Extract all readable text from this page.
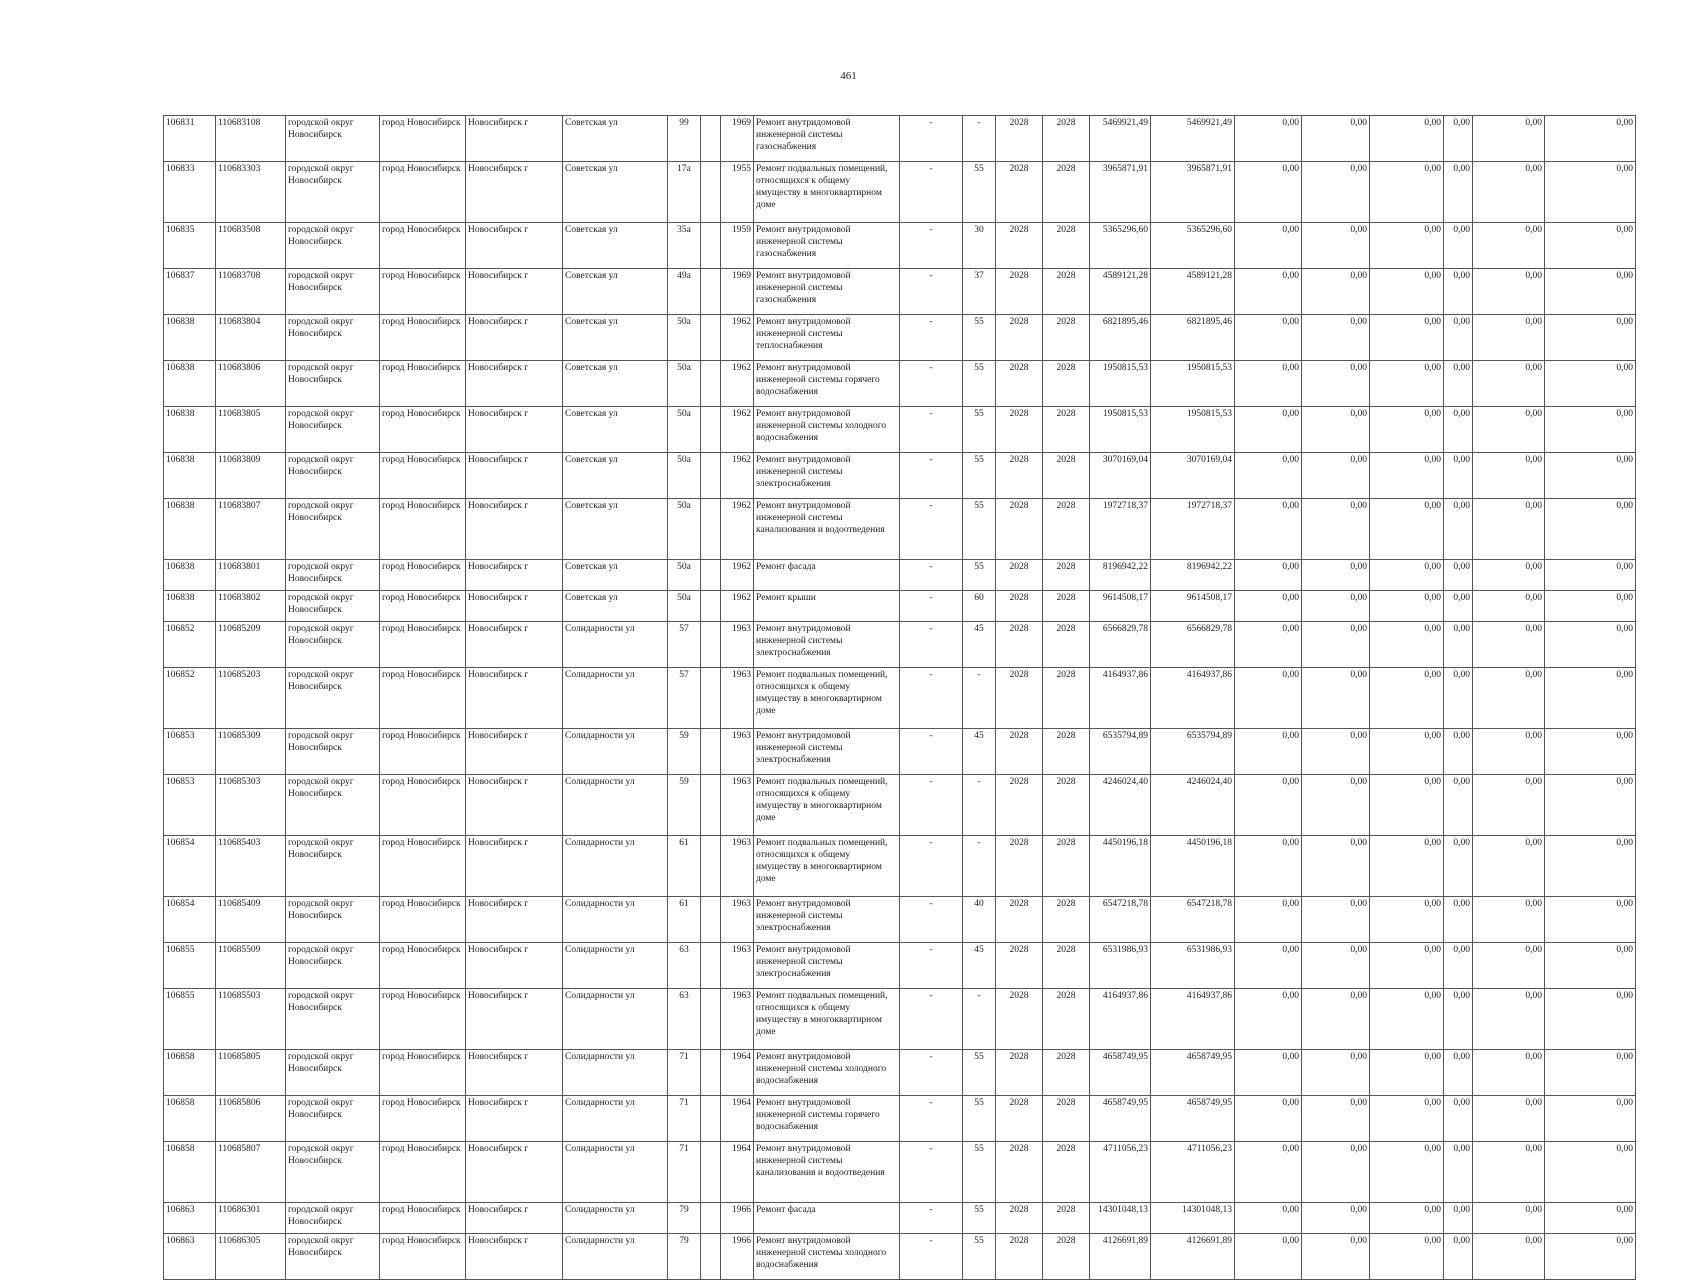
461
106831	110683108	городской округ Новосибирск	город Новосибирск	Новосибирск г	Советская ул	99		1969	Ремонт внутридомовой инженерной системы газоснабжения	-	-	2028	2028	5469921,49	5469921,49	0,00	0,00	0,00	0,00	0,00	0,00
106833	110683303	городской округ Новосибирск	город Новосибирск	Новосибирск г	Советская ул	17а		1955	Ремонт подвальных помещений, относящихся к общему имуществу в многоквартирном доме	-	55	2028	2028	3965871,91	3965871,91	0,00	0,00	0,00	0,00	0,00	0,00
106835	110683508	городской округ Новосибирск	город Новосибирск	Новосибирск г	Советская ул	35а		1959	Ремонт внутридомовой инженерной системы газоснабжения	-	30	2028	2028	5365296,60	5365296,60	0,00	0,00	0,00	0,00	0,00	0,00
106837	110683708	городской округ Новосибирск	город Новосибирск	Новосибирск г	Советская ул	49а		1969	Ремонт внутридомовой инженерной системы газоснабжения	-	37	2028	2028	4589121,28	4589121,28	0,00	0,00	0,00	0,00	0,00	0,00
106838	110683804	городской округ Новосибирск	город Новосибирск	Новосибирск г	Советская ул	50а		1962	Ремонт внутридомовой инженерной системы теплоснабжения	-	55	2028	2028	6821895,46	6821895,46	0,00	0,00	0,00	0,00	0,00	0,00
106838	110683806	городской округ Новосибирск	город Новосибирск	Новосибирск г	Советская ул	50а		1962	Ремонт внутридомовой инженерной системы горячего водоснабжения	-	55	2028	2028	1950815,53	1950815,53	0,00	0,00	0,00	0,00	0,00	0,00
106838	110683805	городской округ Новосибирск	город Новосибирск	Новосибирск г	Советская ул	50а		1962	Ремонт внутридомовой инженерной системы холодного водоснабжения	-	55	2028	2028	1950815,53	1950815,53	0,00	0,00	0,00	0,00	0,00	0,00
106838	110683809	городской округ Новосибирск	город Новосибирск	Новосибирск г	Советская ул	50а		1962	Ремонт внутридомовой инженерной системы электроснабжения	-	55	2028	2028	3070169,04	3070169,04	0,00	0,00	0,00	0,00	0,00	0,00
106838	110683807	городской округ Новосибирск	город Новосибирск	Новосибирск г	Советская ул	50а		1962	Ремонт внутридомовой инженерной системы канализования и водоотведения	-	55	2028	2028	1972718,37	1972718,37	0,00	0,00	0,00	0,00	0,00	0,00
106838	110683801	городской округ Новосибирск	город Новосибирск	Новосибирск г	Советская ул	50а		1962	Ремонт фасада	-	55	2028	2028	8196942,22	8196942,22	0,00	0,00	0,00	0,00	0,00	0,00
106838	110683802	городской округ Новосибирск	город Новосибирск	Новосибирск г	Советская ул	50а		1962	Ремонт крыши	-	60	2028	2028	9614508,17	9614508,17	0,00	0,00	0,00	0,00	0,00	0,00
106852	110685209	городской округ Новосибирск	город Новосибирск	Новосибирск г	Солидарности ул	57		1963	Ремонт внутридомовой инженерной системы электроснабжения	-	45	2028	2028	6566829,78	6566829,78	0,00	0,00	0,00	0,00	0,00	0,00
106852	110685203	городской округ Новосибирск	город Новосибирск	Новосибирск г	Солидарности ул	57		1963	Ремонт подвальных помещений, относящихся к общему имуществу в многоквартирном доме	-	-	2028	2028	4164937,86	4164937,86	0,00	0,00	0,00	0,00	0,00	0,00
106853	110685309	городской округ Новосибирск	город Новосибирск	Новосибирск г	Солидарности ул	59		1963	Ремонт внутридомовой инженерной системы электроснабжения	-	45	2028	2028	6535794,89	6535794,89	0,00	0,00	0,00	0,00	0,00	0,00
106853	110685303	городской округ Новосибирск	город Новосибирск	Новосибирск г	Солидарности ул	59		1963	Ремонт подвальных помещений, относящихся к общему имуществу в многоквартирном доме	-	-	2028	2028	4246024,40	4246024,40	0,00	0,00	0,00	0,00	0,00	0,00
106854	110685403	городской округ Новосибирск	город Новосибирск	Новосибирск г	Солидарности ул	61		1963	Ремонт подвальных помещений, относящихся к общему имуществу в многоквартирном доме	-	-	2028	2028	4450196,18	4450196,18	0,00	0,00	0,00	0,00	0,00	0,00
106854	110685409	городской округ Новосибирск	город Новосибирск	Новосибирск г	Солидарности ул	61		1963	Ремонт внутридомовой инженерной системы электроснабжения	-	40	2028	2028	6547218,78	6547218,78	0,00	0,00	0,00	0,00	0,00	0,00
106855	110685509	городской округ Новосибирск	город Новосибирск	Новосибирск г	Солидарности ул	63		1963	Ремонт внутридомовой инженерной системы электроснабжения	-	45	2028	2028	6531986,93	6531986,93	0,00	0,00	0,00	0,00	0,00	0,00
106855	110685503	городской округ Новосибирск	город Новосибирск	Новосибирск г	Солидарности ул	63		1963	Ремонт подвальных помещений, относящихся к общему имуществу в многоквартирном доме	-	-	2028	2028	4164937,86	4164937,86	0,00	0,00	0,00	0,00	0,00	0,00
106858	110685805	городской округ Новосибирск	город Новосибирск	Новосибирск г	Солидарности ул	71		1964	Ремонт внутридомовой инженерной системы холодного водоснабжения	-	55	2028	2028	4658749,95	4658749,95	0,00	0,00	0,00	0,00	0,00	0,00
106858	110685806	городской округ Новосибирск	город Новосибирск	Новосибирск г	Солидарности ул	71		1964	Ремонт внутридомовой инженерной системы горячего водоснабжения	-	55	2028	2028	4658749,95	4658749,95	0,00	0,00	0,00	0,00	0,00	0,00
106858	110685807	городской округ Новосибирск	город Новосибирск	Новосибирск г	Солидарности ул	71		1964	Ремонт внутридомовой инженерной системы канализования и водоотведения	-	55	2028	2028	4711056,23	4711056,23	0,00	0,00	0,00	0,00	0,00	0,00
106863	110686301	городской округ Новосибирск	город Новосибирск	Новосибирск г	Солидарности ул	79		1966	Ремонт фасада	-	55	2028	2028	14301048,13	14301048,13	0,00	0,00	0,00	0,00	0,00	0,00
106863	110686305	городской округ Новосибирск	город Новосибирск	Новосибирск г	Солидарности ул	79		1966	Ремонт внутридомовой инженерной системы холодного водоснабжения	-	55	2028	2028	4126691,89	4126691,89	0,00	0,00	0,00	0,00	0,00	0,00
